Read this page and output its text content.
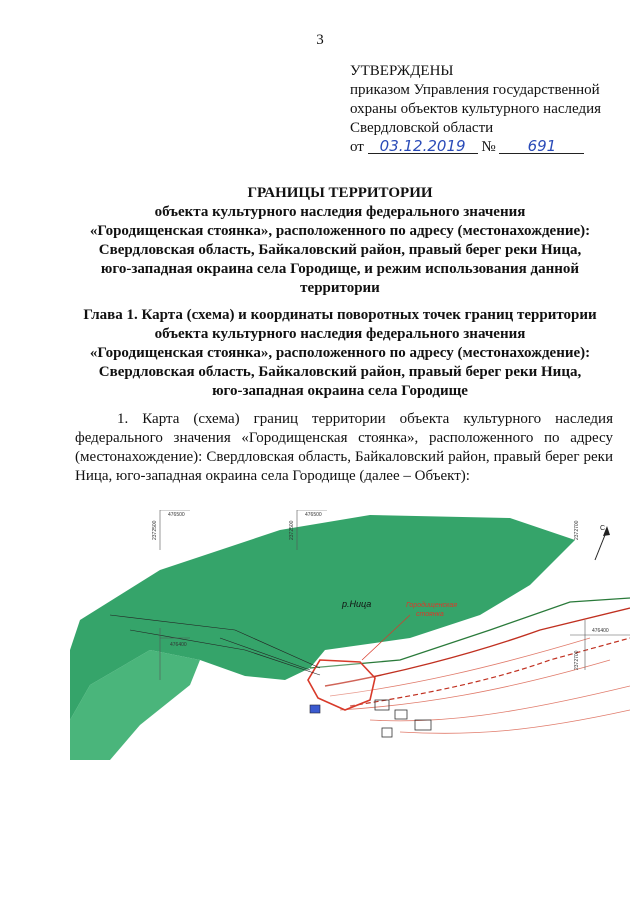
3
УТВЕРЖДЕНЫ
приказом Управления государственной
охраны объектов культурного наследия
Свердловской области
от 03.12.2019 № 691
ГРАНИЦЫ ТЕРРИТОРИИ
объекта культурного наследия федерального значения
«Городищенская стоянка», расположенного по адресу (местонахождение):
Свердловская область, Байкаловский район, правый берег реки Ница,
юго-западная окраина села Городище, и режим использования данной
территории
Глава 1. Карта (схема) и координаты поворотных точек границ территории
объекта культурного наследия федерального значения
«Городищенская стоянка», расположенного по адресу (местонахождение):
Свердловская область, Байкаловский район, правый берег реки Ница,
юго-западная окраина села Городище
1. Карта (схема) границ территории объекта культурного наследия
федерального значения «Городищенская стоянка», расположенного по адресу
(местонахождение): Свердловская область, Байкаловский район, правый берег реки
Ница, юго-западная окраина села Городище (далее – Объект):
476500	476500
476400
476400
2372500	2372500	2372700
2372700
р.Ница	Городищенская
стоянка
С
